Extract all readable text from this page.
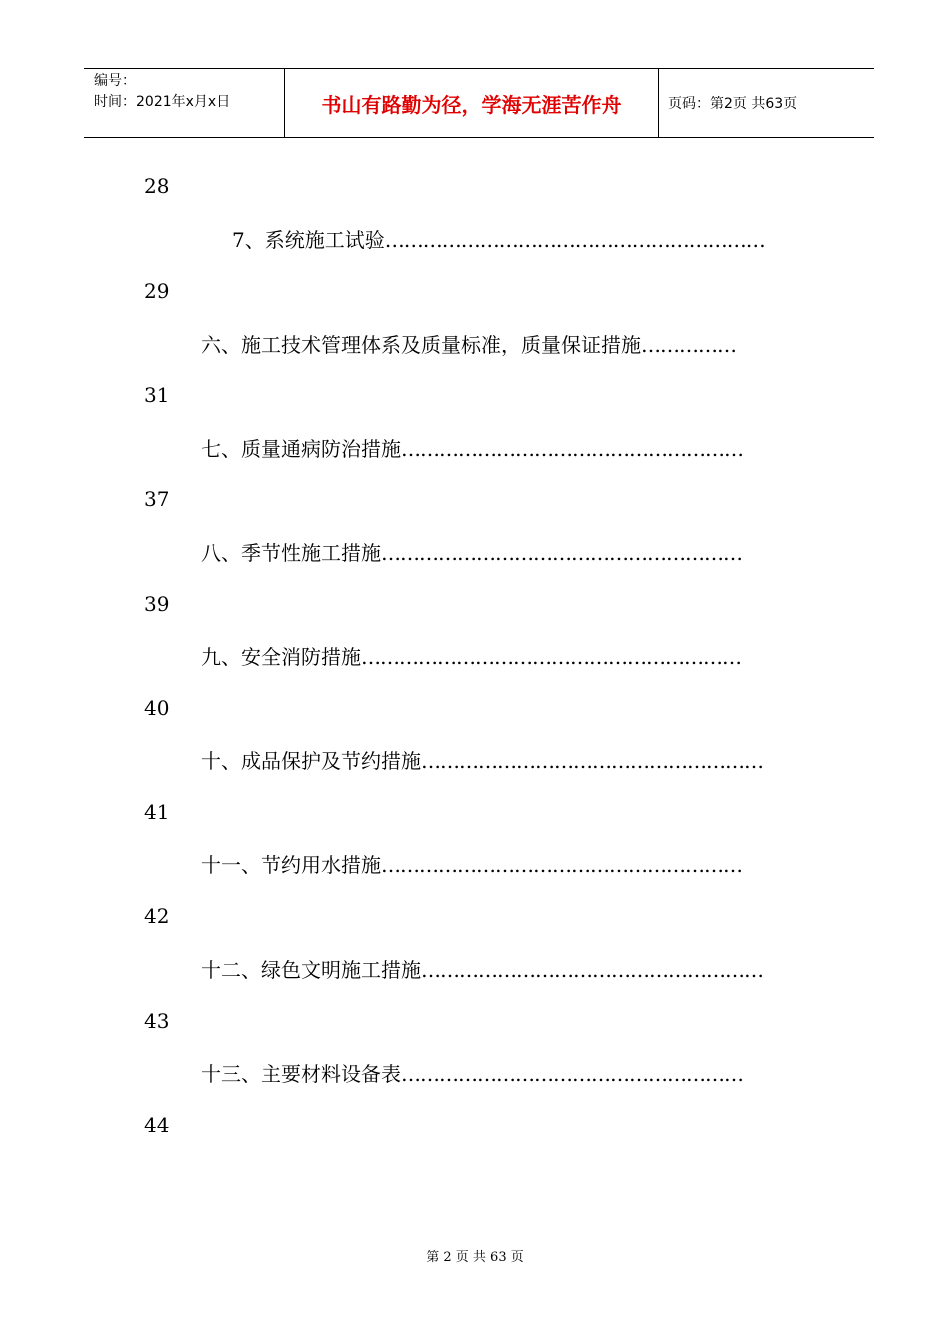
编号：
时间：2021年x月x日	书山有路勤为径，学海无涯苦作舟	页码：第2页 共63页
28
7、系统施工试验 ……………………………………………………
29
六、施工技术管理体系及质量标准，质量保证措施 ……………
31
七、质量通病防治措施 ………………………………………………
37
八、季节性施工措施 …………………………………………………
39
九、安全消防措施 ……………………………………………………
40
十、成品保护及节约措施 ………………………………………………
41
十一、节约用水措施 …………………………………………………
42
十二、绿色文明施工措施 ………………………………………………
43
十三、主要材料设备表 ………………………………………………
44
第 2 页 共 63 页
